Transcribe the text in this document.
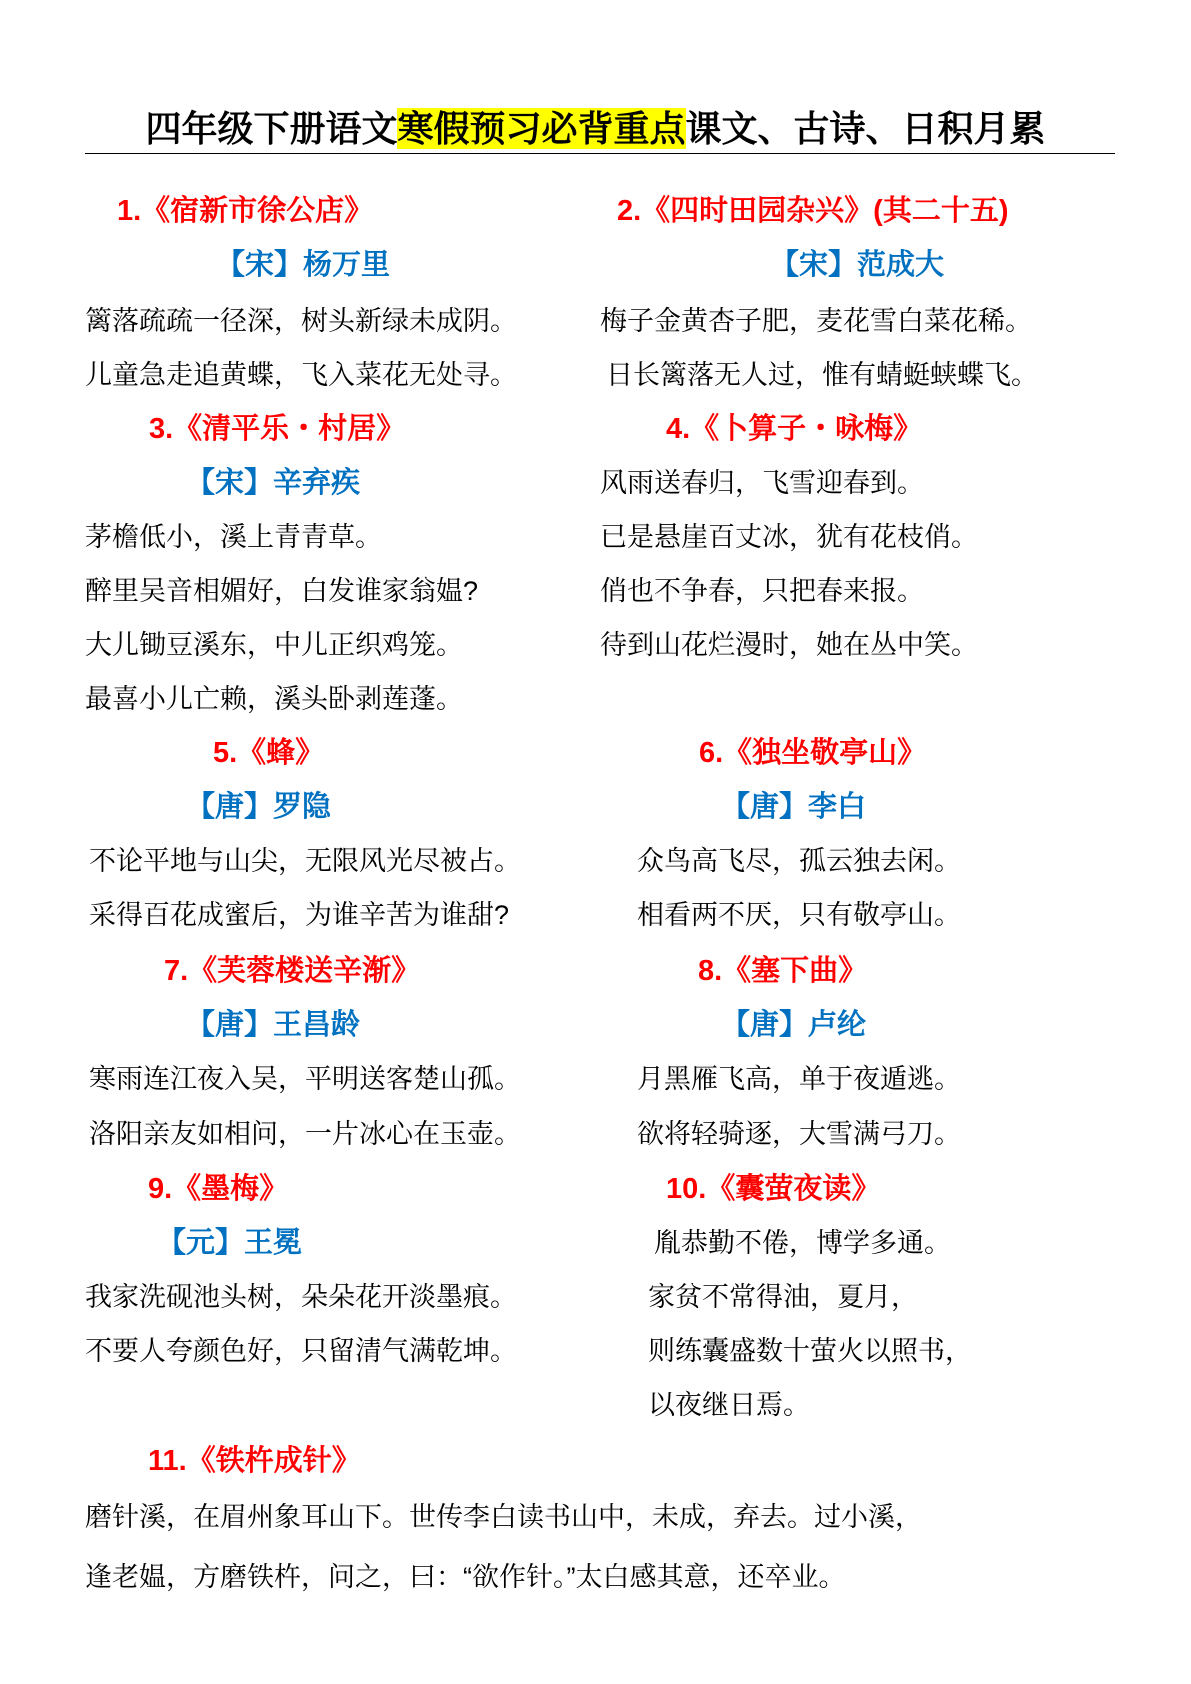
四年级下册语文寒假预习必背重点课文、古诗、日积月累
1.《宿新市徐公店》
【宋】杨万里
篱落疏疏一径深，树头新绿未成阴。
儿童急走追黄蝶，飞入菜花无处寻。
2.《四时田园杂兴》(其二十五)
【宋】范成大
梅子金黄杏子肥，麦花雪白菜花稀。
日长篱落无人过，惟有蜻蜓蛱蝶飞。
3.《清平乐・村居》
【宋】辛弃疾
茅檐低小，溪上青青草。
醉里吴音相媚好，白发谁家翁媪?
大儿锄豆溪东，中儿正织鸡笼。
最喜小儿亡赖，溪头卧剥莲蓬。
4.《卜算子・咏梅》
风雨送春归，飞雪迎春到。
已是悬崖百丈冰，犹有花枝俏。
俏也不争春，只把春来报。
待到山花烂漫时，她在丛中笑。
5.《蜂》
【唐】罗隐
不论平地与山尖，无限风光尽被占。
采得百花成蜜后，为谁辛苦为谁甜?
6.《独坐敬亭山》
【唐】李白
众鸟高飞尽，孤云独去闲。
相看两不厌，只有敬亭山。
7.《芙蓉楼送辛渐》
【唐】王昌龄
寒雨连江夜入吴，平明送客楚山孤。
洛阳亲友如相问，一片冰心在玉壶。
8.《塞下曲》
【唐】卢纶
月黑雁飞高，单于夜遁逃。
欲将轻骑逐，大雪满弓刀。
9.《墨梅》
【元】王冕
我家洗砚池头树，朵朵花开淡墨痕。
不要人夸颜色好，只留清气满乾坤。
10.《囊萤夜读》
胤恭勤不倦，博学多通。
家贫不常得油，夏月，
则练囊盛数十萤火以照书，
以夜继日焉。
11.《铁杵成针》
磨针溪，在眉州象耳山下。世传李白读书山中，未成，弃去。过小溪，
逢老媪，方磨铁杵，问之，曰：“欲作针。”太白感其意，还卒业。
